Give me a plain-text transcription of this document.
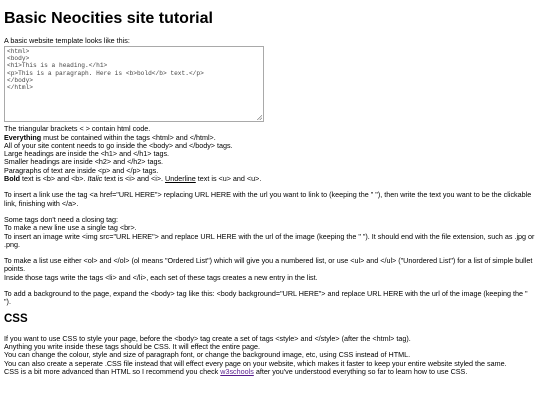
Basic Neocities site tutorial

A basic website template looks like this:

<html>
<body>
<h1>This is a heading.</h1>
<p>This is a paragraph. Here is <b>bold</b> text.</p>
</body>
</html>

The triangular brackets < > contain html code.

Everything must be contained within the tags <html> and </html>.

All of your site content needs to go inside the <body> and </body> tags.

Large headings are inside the <h1> and </h1> tags.

Smaller headings are inside <h2> and </h2> tags.

Paragraphs of text are inside <p> and </p> tags.

Bold text is <b> and <b>. Italic text is <i> and <i>. Underline text is <u> and <u>.

To insert a link use the tag <a href="URL HERE"> replacing URL HERE with the url you want to link to (keeping the " "), then write the text you want to be the clickable link, finishing with </a>.

Some tags don't need a closing tag:

To make a new line use a single tag <br>.

To insert an image write <img src="URL HERE"> and replace URL HERE with the url of the image (keeping the " "). It should end with the file extension, such as .jpg or .png.

To make a list use either <ol> and </ol> (ol means "Ordered List") which will give you a numbered list, or use <ul> and </ul> ("Unordered List") for a list of simple bullet points.

Inside those tags write the tags <li> and </li>, each set of these tags creates a new entry in the list.

To add a background to the page, expand the <body> tag like this: <body background="URL HERE"> and replace URL HERE with the url of the image (keeping the " ").

CSS

If you want to use CSS to style your page, before the <body> tag create a set of tags <style> and </style> (after the <html> tag).

Anything you write inside these tags should be CSS. It will effect the entire page.

You can change the colour, style and size of paragraph font, or change the background image, etc, using CSS instead of HTML.

You can also create a seperate .CSS file instead that will effect every page on your website, which makes it faster to keep your entire website styled the same.

CSS is a bit more advanced than HTML so I recommend you check w3schools after you've understood everything so far to learn how to use CSS.
